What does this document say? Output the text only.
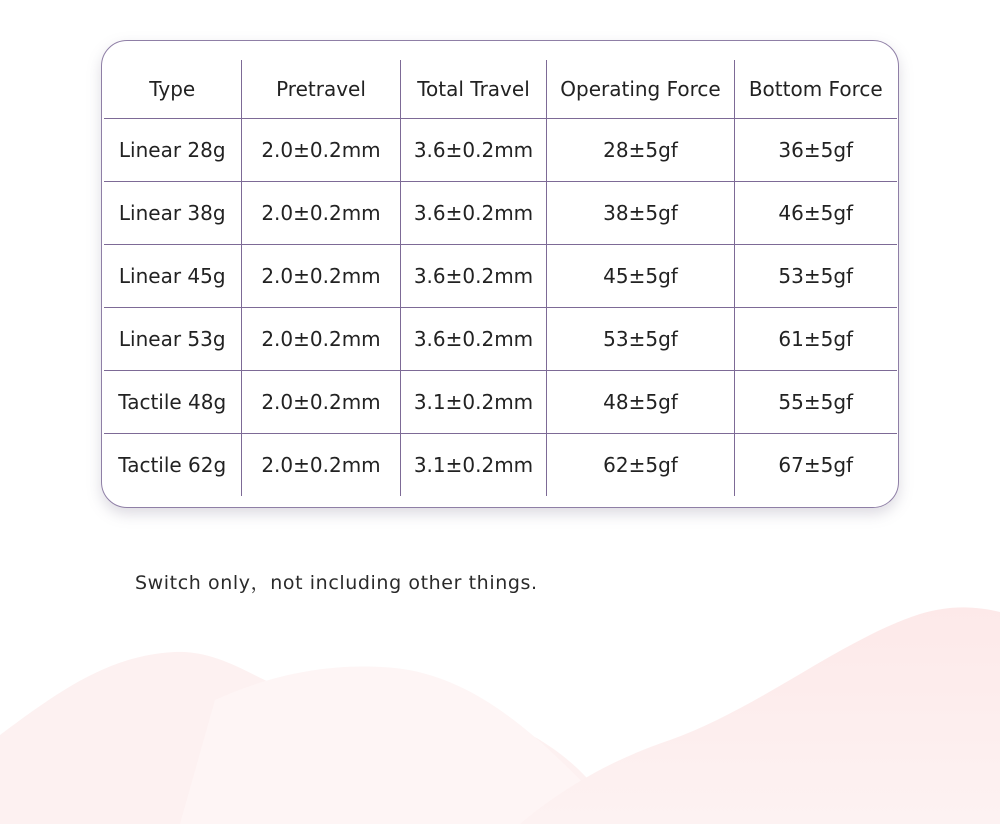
Type	Pretravel	Total Travel	Operating Force	Bottom Force
Linear 28g	2.0±0.2mm	3.6±0.2mm	28±5gf	36±5gf
Linear 38g	2.0±0.2mm	3.6±0.2mm	38±5gf	46±5gf
Linear 45g	2.0±0.2mm	3.6±0.2mm	45±5gf	53±5gf
Linear 53g	2.0±0.2mm	3.6±0.2mm	53±5gf	61±5gf
Tactile 48g	2.0±0.2mm	3.1±0.2mm	48±5gf	55±5gf
Tactile 62g	2.0±0.2mm	3.1±0.2mm	62±5gf	67±5gf
Switch only，not including other things.
